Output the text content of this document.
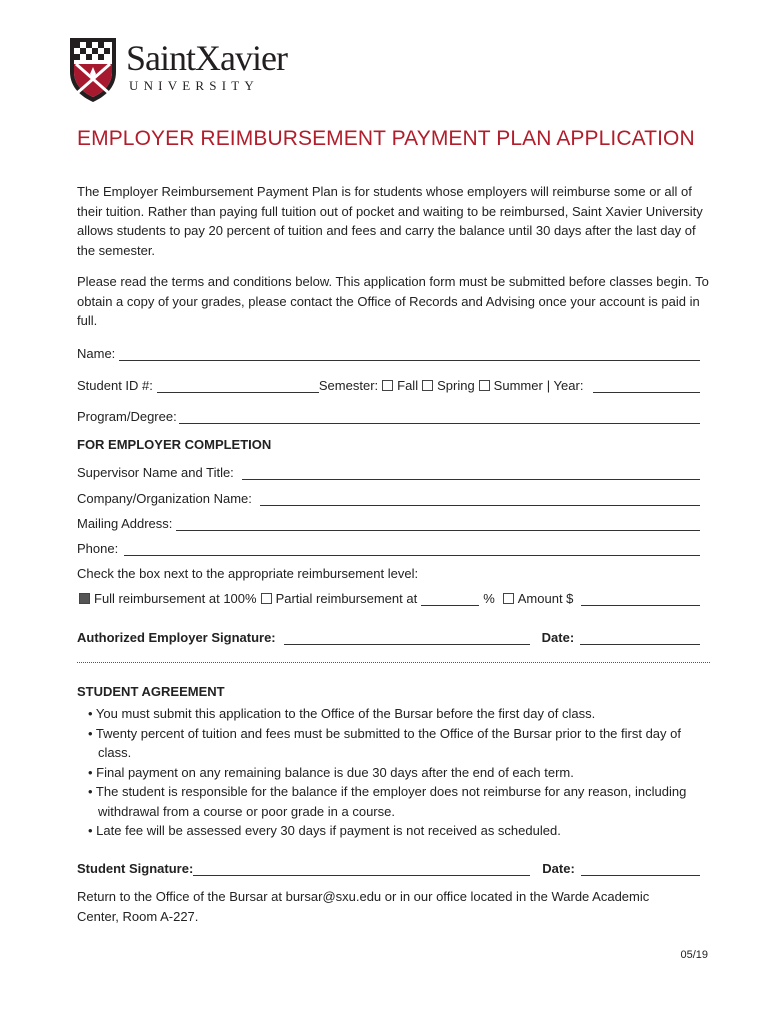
SaintXavier
UNIVERSITY
EMPLOYER REIMBURSEMENT PAYMENT PLAN APPLICATION

The Employer Reimbursement Payment Plan is for students whose employers will reimburse some or all of their tuition. Rather than paying full tuition out of pocket and waiting to be reimbursed, Saint Xavier University allows students to pay 20 percent of tuition and fees and carry the balance until 30 days after the last day of the semester.

Please read the terms and conditions below. This application form must be submitted before classes begin. To obtain a copy of your grades, please contact the Office of Records and Advising once your account is paid in full.

Name:
Student ID #:	Semester: Fall Spring Summer | Year:
Program/Degree:
FOR EMPLOYER COMPLETION
Supervisor Name and Title:
Company/Organization Name:
Mailing Address:
Phone:
Check the box next to the appropriate reimbursement level:
Full reimbursement at 100% Partial reimbursement at	% Amount $
Authorized Employer Signature:	Date:
STUDENT AGREEMENT
• You must submit this application to the Office of the Bursar before the first day of class.
• Twenty percent of tuition and fees must be submitted to the Office of the Bursar prior to the first day of class.
• Final payment on any remaining balance is due 30 days after the end of each term.
• The student is responsible for the balance if the employer does not reimburse for any reason, including withdrawal from a course or poor grade in a course.
• Late fee will be assessed every 30 days if payment is not received as scheduled.
Student Signature:	Date:

Return to the Office of the Bursar at bursar@sxu.edu or in our office located in the Warde Academic Center, Room A-227.

05/19
